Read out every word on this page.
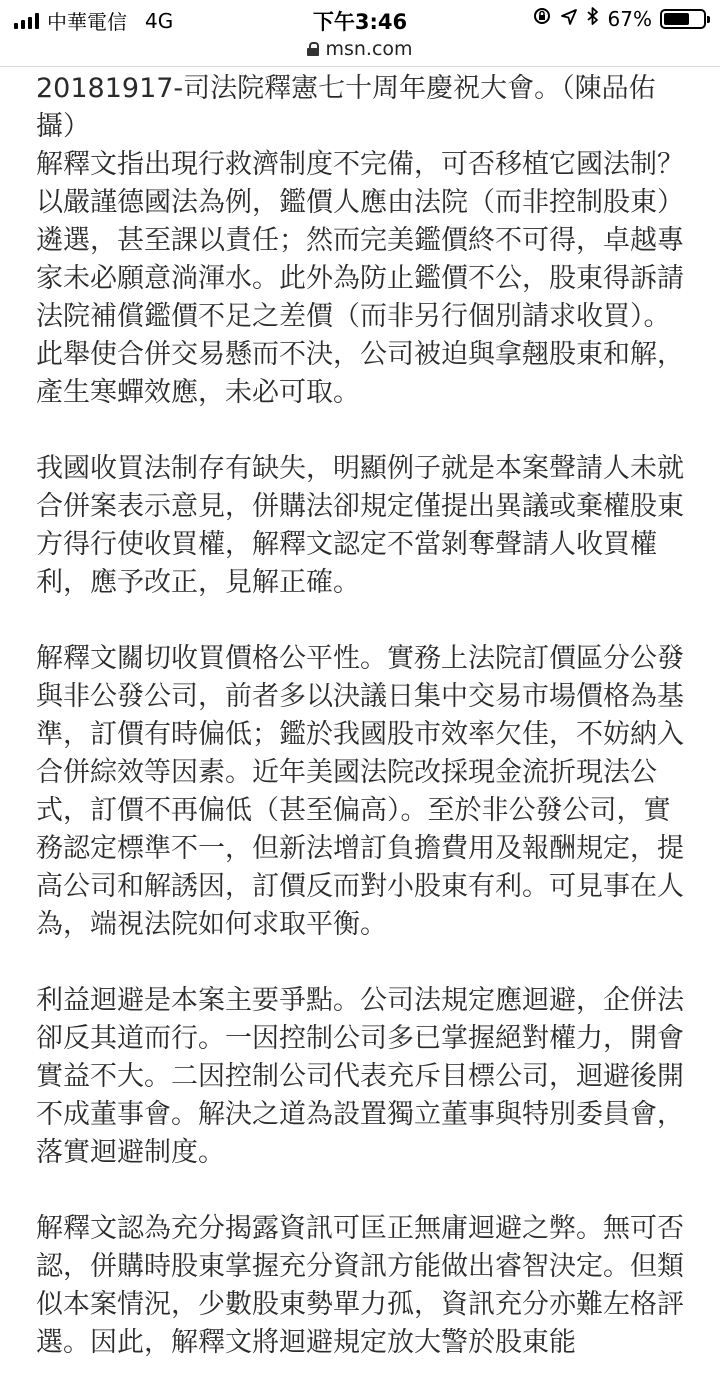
中華電信 4G	下午3:46	67%
msn.com

20181917-司法院釋憲七十周年慶祝大會。（陳品佑攝）
解釋文指出現行救濟制度不完備，可否移植它國法制？以嚴謹德國法為例，鑑價人應由法院（而非控制股東）遴選，甚至課以責任；然而完美鑑價終不可得，卓越專家未必願意淌渾水。此外為防止鑑價不公，股東得訴請法院補償鑑價不足之差價（而非另行個別請求收買）。此舉使合併交易懸而不決，公司被迫與拿翹股東和解，產生寒蟬效應，未必可取。

我國收買法制存有缺失，明顯例子就是本案聲請人未就合併案表示意見，併購法卻規定僅提出異議或棄權股東方得行使收買權，解釋文認定不當剝奪聲請人收買權利，應予改正，見解正確。

解釋文關切收買價格公平性。實務上法院訂價區分公發與非公發公司，前者多以決議日集中交易市場價格為基準，訂價有時偏低；鑑於我國股市效率欠佳，不妨納入合併綜效等因素。近年美國法院改採現金流折現法公式，訂價不再偏低（甚至偏高）。至於非公發公司，實務認定標準不一，但新法增訂負擔費用及報酬規定，提高公司和解誘因，訂價反而對小股東有利。可見事在人為，端視法院如何求取平衡。

利益迴避是本案主要爭點。公司法規定應迴避，企併法卻反其道而行。一因控制公司多已掌握絕對權力，開會實益不大。二因控制公司代表充斥目標公司，迴避後開不成董事會。解決之道為設置獨立董事與特別委員會，落實迴避制度。

解釋文認為充分揭露資訊可匡正無庸迴避之弊。無可否認，併購時股東掌握充分資訊方能做出睿智決定。但類似本案情況，少數股東勢單力孤，資訊充分亦難左格評選。因此，解釋文將迴避規定放大警於股東能
